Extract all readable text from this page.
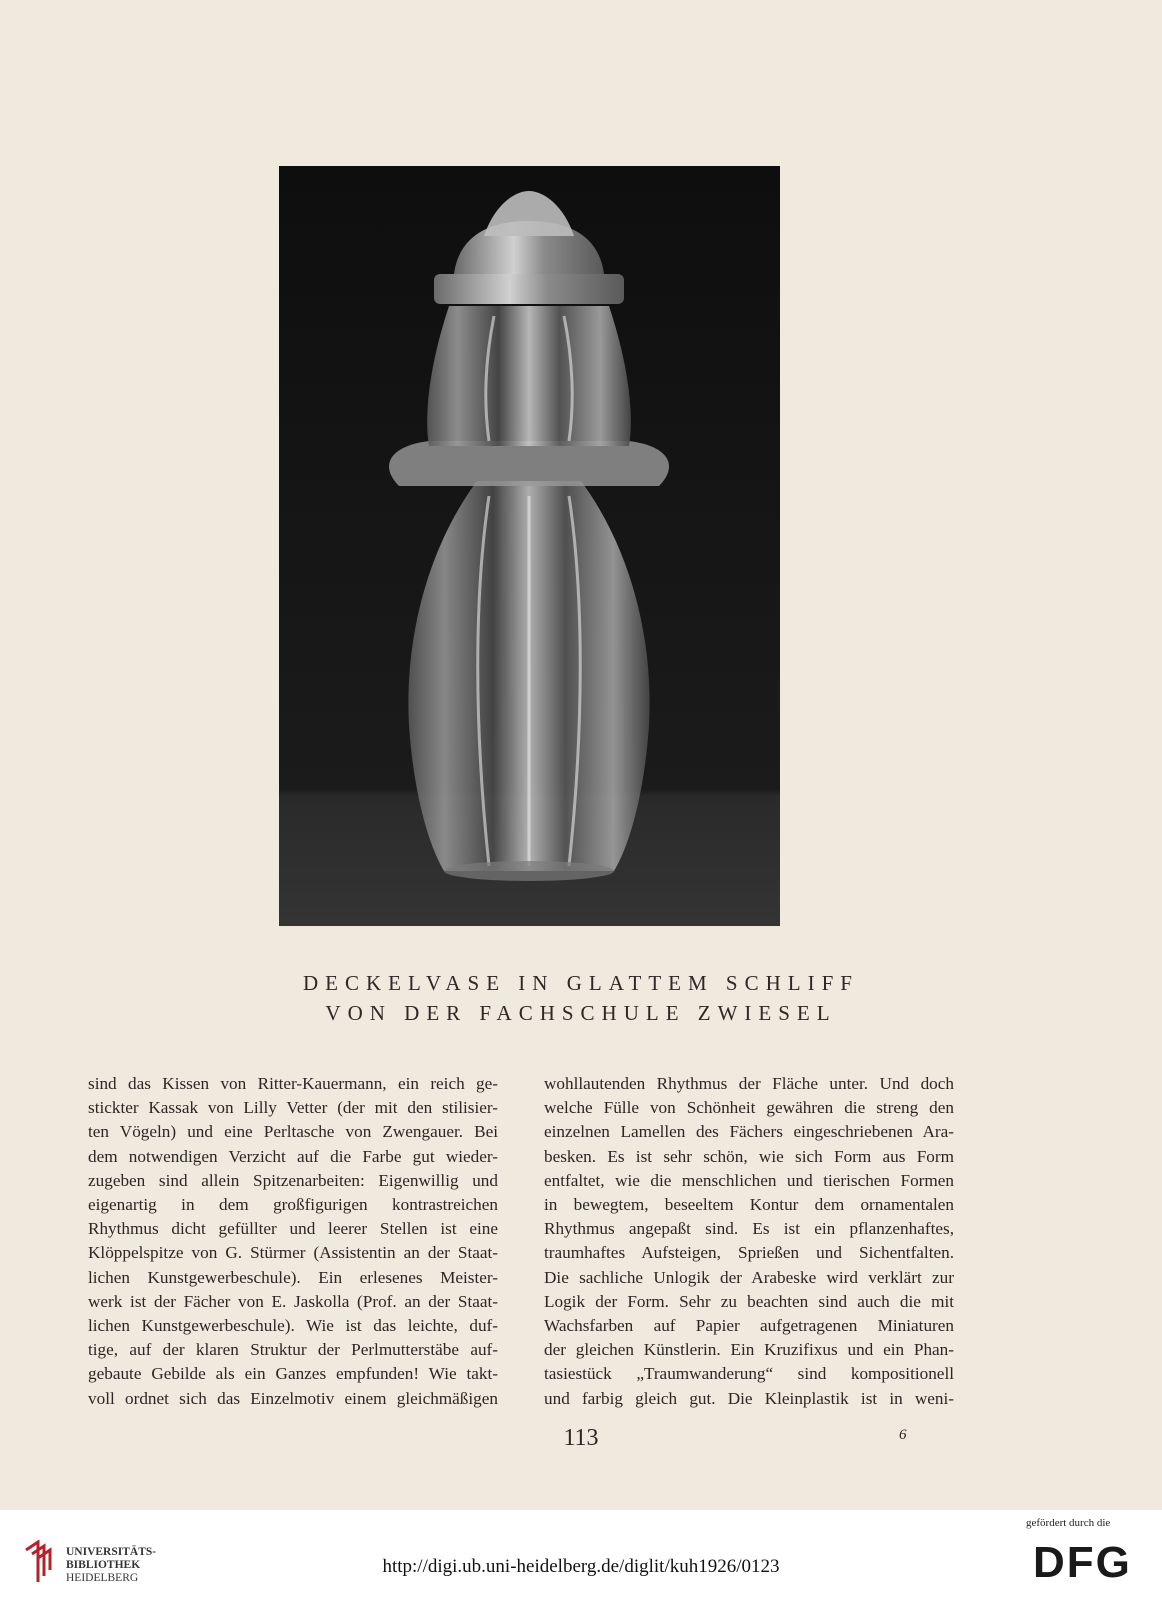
DECKELVASE IN GLATTEM SCHLIFF
VON DER FACHSCHULE ZWIESEL
sind das Kissen von Ritter-Kauermann, ein reich ge-
stickter Kassak von Lilly Vetter (der mit den stilisier-
ten Vögeln) und eine Perltasche von Zwengauer. Bei
dem notwendigen Verzicht auf die Farbe gut wieder-
zugeben sind allein Spitzenarbeiten: Eigenwillig und
eigenartig in dem großfigurigen kontrastreichen
Rhythmus dicht gefüllter und leerer Stellen ist eine
Klöppelspitze von G. Stürmer (Assistentin an der Staat-
lichen Kunstgewerbeschule). Ein erlesenes Meister-
werk ist der Fächer von E. Jaskolla (Prof. an der Staat-
lichen Kunstgewerbeschule). Wie ist das leichte, duf-
tige, auf der klaren Struktur der Perlmutterstäbe auf-
gebaute Gebilde als ein Ganzes empfunden! Wie takt-
voll ordnet sich das Einzelmotiv einem gleichmäßigen
wohllautenden Rhythmus der Fläche unter. Und doch
welche Fülle von Schönheit gewähren die streng den
einzelnen Lamellen des Fächers eingeschriebenen Ara-
besken. Es ist sehr schön, wie sich Form aus Form
entfaltet, wie die menschlichen und tierischen Formen
in bewegtem, beseeltem Kontur dem ornamentalen
Rhythmus angepaßt sind. Es ist ein pflanzenhaftes,
traumhaftes Aufsteigen, Sprießen und Sichentfalten.
Die sachliche Unlogik der Arabeske wird verklärt zur
Logik der Form. Sehr zu beachten sind auch die mit
Wachsfarben auf Papier aufgetragenen Miniaturen
der gleichen Künstlerin. Ein Kruzifixus und ein Phan-
tasiestück „Traumwanderung“ sind kompositionell
und farbig gleich gut. Die Kleinplastik ist in weni-
113	6
UNIVERSITÄTS-
BIBLIOTHEK
HEIDELBERG
http://digi.ub.uni-heidelberg.de/diglit/kuh1926/0123
gefördert durch die
DFG
